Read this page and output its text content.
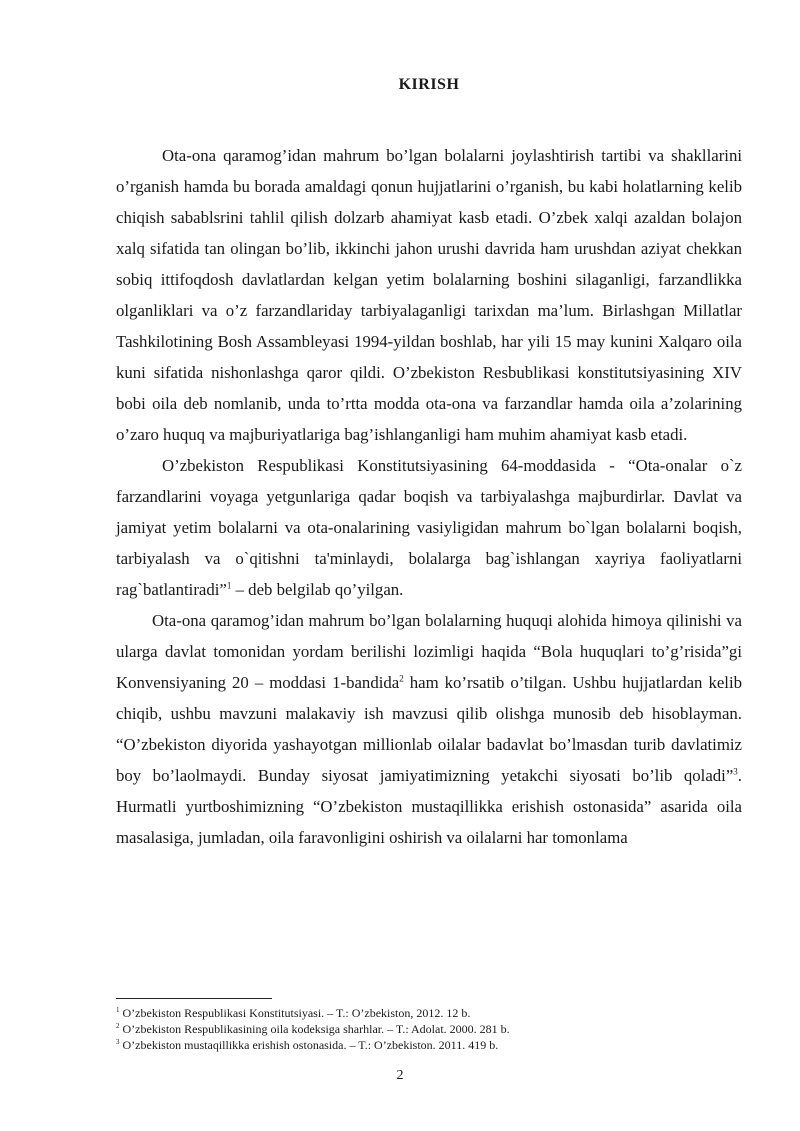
KIRISH

Ota-ona qaramog’idan mahrum bo’lgan bolalarni joylashtirish tartibi va shakllarini o’rganish hamda bu borada amaldagi qonun hujjatlarini o’rganish, bu kabi holatlarning kelib chiqish sabablsrini tahlil qilish dolzarb ahamiyat kasb etadi. O’zbek xalqi azaldan bolajon xalq sifatida tan olingan bo’lib, ikkinchi jahon urushi davrida ham urushdan aziyat chekkan sobiq ittifoqdosh davlatlardan kelgan yetim bolalarning boshini silaganligi, farzandlikka olganliklari va o’z farzandlariday tarbiyalaganligi tarixdan ma’lum. Birlashgan Millatlar Tashkilotining Bosh Assambleyasi 1994-yildan boshlab, har yili 15 may kunini Xalqaro oila kuni sifatida nishonlashga qaror qildi. O’zbekiston Resbublikasi konstitutsiyasining XIV bobi oila deb nomlanib, unda to’rtta modda ota-ona va farzandlar hamda oila a’zolarining o’zaro huquq va majburiyatlariga bag’ishlanganligi ham muhim ahamiyat kasb etadi.

O’zbekiston Respublikasi Konstitutsiyasining 64-moddasida - “Ota-onalar o`z farzandlarini voyaga yetgunlariga qadar boqish va tarbiyalashga majburdirlar. Davlat va jamiyat yetim bolalarni va ota-onalarining vasiyligidan mahrum bo`lgan bolalarni boqish, tarbiyalash va o`qitishni ta'minlaydi, bolalarga bag`ishlangan xayriya faoliyatlarni rag`batlantiradi”$^1$ – deb belgilab qo’yilgan.

Ota-ona qaramog’idan mahrum bo’lgan bolalarning huquqi alohida himoya qilinishi va ularga davlat tomonidan yordam berilishi lozimligi haqida “Bola huquqlari to’g’risida”gi Konvensiyaning 20 – moddasi 1-bandida$^2$ ham ko’rsatib o’tilgan. Ushbu hujjatlardan kelib chiqib, ushbu mavzuni malakaviy ish mavzusi qilib olishga munosib deb hisoblayman. “O’zbekiston diyorida yashayotgan millionlab oilalar badavlat bo’lmasdan turib davlatimiz boy bo’laolmaydi. Bunday siyosat jamiyatimizning yetakchi siyosati bo’lib qoladi”$^3$. Hurmatli yurtboshimizning “O’zbekiston mustaqillikka erishish ostonasida” asarida oila masalasiga, jumladan, oila faravonligini oshirish va oilalarni har tomonlama

$^1$ O’zbekiston Respublikasi Konstitutsiyasi. – T.: O’zbekiston, 2012. 12 b.
$^2$ O’zbekiston Respublikasining oila kodeksiga sharhlar. – T.: Adolat. 2000. 281 b.
$^3$ O’zbekiston mustaqillikka erishish ostonasida. – T.: O’zbekiston. 2011. 419 b.
2
